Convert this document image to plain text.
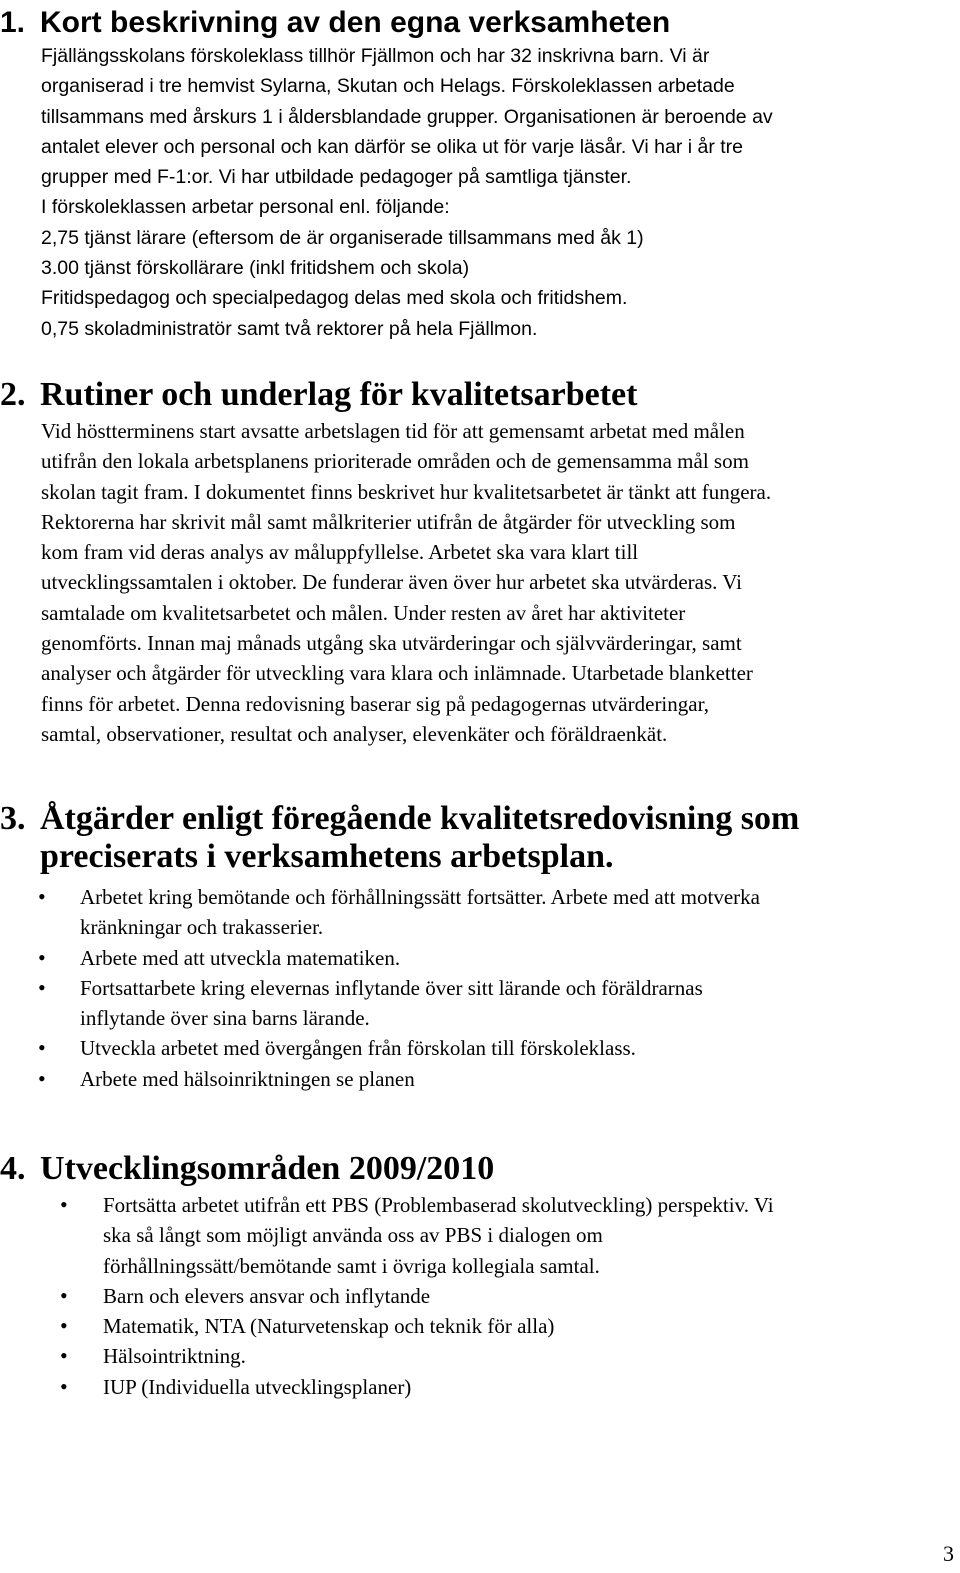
1. Kort beskrivning av den egna verksamheten

Fjällängsskolans förskoleklass tillhör Fjällmon och har 32 inskrivna barn. Vi är
organiserad i tre hemvist Sylarna, Skutan och Helags. Förskoleklassen arbetade
tillsammans med årskurs 1 i åldersblandade grupper. Organisationen är beroende av
antalet elever och personal och kan därför se olika ut för varje läsår. Vi har i år tre
grupper med F-1:or. Vi har utbildade pedagoger på samtliga tjänster.
I förskoleklassen arbetar personal enl. följande:
2,75 tjänst lärare (eftersom de är organiserade tillsammans med åk 1)
3.00 tjänst förskollärare (inkl fritidshem och skola)
Fritidspedagog och specialpedagog delas med skola och fritidshem.
0,75 skoladministratör samt två rektorer på hela Fjällmon.

2. Rutiner och underlag för kvalitetsarbetet

Vid höstterminens start avsatte arbetslagen tid för att gemensamt arbetat med målen
utifrån den lokala arbetsplanens prioriterade områden och de gemensamma mål som
skolan tagit fram. I dokumentet finns beskrivet hur kvalitetsarbetet är tänkt att fungera.
Rektorerna har skrivit mål samt målkriterier utifrån de åtgärder för utveckling som
kom fram vid deras analys av måluppfyllelse. Arbetet ska vara klart till
utvecklingssamtalen i oktober. De funderar även över hur arbetet ska utvärderas. Vi
samtalade om kvalitetsarbetet och målen. Under resten av året har aktiviteter
genomförts. Innan maj månads utgång ska utvärderingar och självvärderingar, samt
analyser och åtgärder för utveckling vara klara och inlämnade. Utarbetade blanketter
finns för arbetet. Denna redovisning baserar sig på pedagogernas utvärderingar,
samtal, observationer, resultat och analyser, elevenkäter och föräldraenkät.

3. Åtgärder enligt föregående kvalitetsredovisning som
preciserats i verksamhetens arbetsplan.
• Arbetet kring bemötande och förhållningssätt fortsätter. Arbete med att motverka
kränkningar och trakasserier.
• Arbete med att utveckla matematiken.
• Fortsattarbete kring elevernas inflytande över sitt lärande och föräldrarnas
inflytande över sina barns lärande.
• Utveckla arbetet med övergången från förskolan till förskoleklass.
• Arbete med hälsoinriktningen se planen
4. Utvecklingsområden 2009/2010
• Fortsätta arbetet utifrån ett PBS (Problembaserad skolutveckling) perspektiv. Vi
ska så långt som möjligt använda oss av PBS i dialogen om
förhållningssätt/bemötande samt i övriga kollegiala samtal.
• Barn och elevers ansvar och inflytande
• Matematik, NTA (Naturvetenskap och teknik för alla)
• Hälsointriktning.
• IUP (Individuella utvecklingsplaner)
3
